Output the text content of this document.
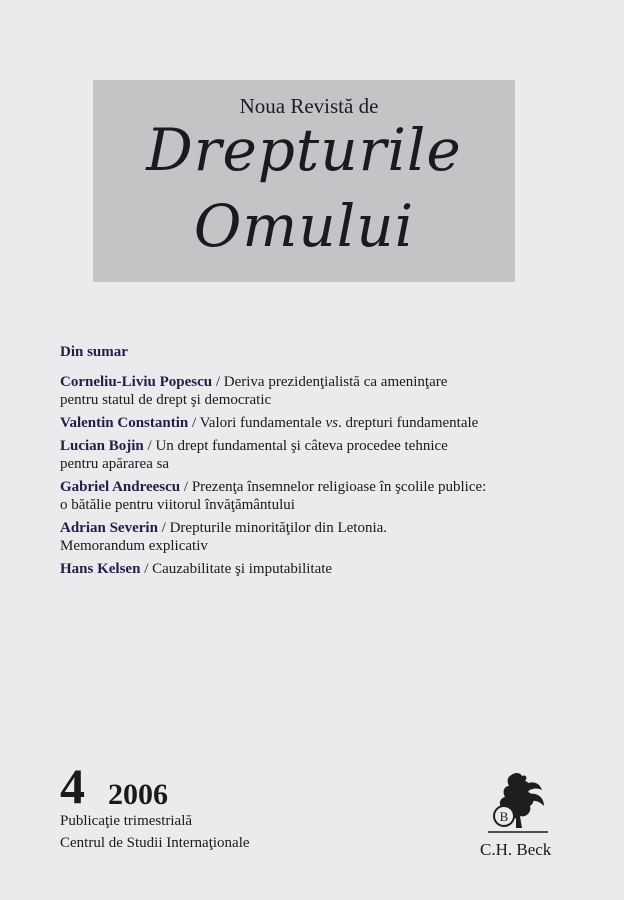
Noua Revistă de
Drepturile
Omului
Din sumar
Corneliu-Liviu Popescu / Deriva prezidenţialistă ca ameninţare
pentru statul de drept şi democratic
Valentin Constantin / Valori fundamentale vs. drepturi fundamentale
Lucian Bojin / Un drept fundamental şi câteva procedee tehnice
pentru apărarea sa
Gabriel Andreescu / Prezenţa însemnelor religioase în şcolile publice:
o bătălie pentru viitorul învăţământului
Adrian Severin / Drepturile minorităţilor din Letonia.
Memorandum explicativ
Hans Kelsen / Cauzabilitate şi imputabilitate
4 2006
Publicaţie trimestrială
Centrul de Studii Internaţionale
B
C.H. Beck
